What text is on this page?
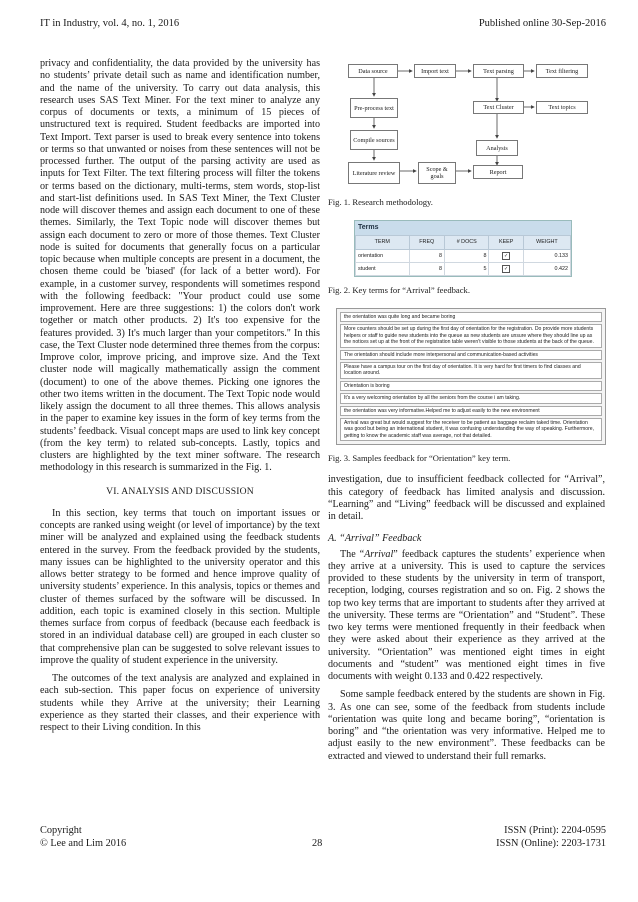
IT in Industry, vol. 4, no. 1, 2016	Published online 30-Sep-2016

privacy and confidentiality, the data provided by the university has no students’ private detail such as name and identification number, and the name of the university. To carry out data analysis, this research uses SAS Text Miner. For the text miner to analyze any corpus of documents or texts, a minimum of 15 pieces of unstructured text is required. Student feedbacks are imported into Text Import. Text parser is used to break every sentence into tokens or terms so that unwanted or noises from these sentences will not be processed further. The output of the parsing activity are used as inputs for Text Filter. The text filtering process will filter the tokens or terms based on the dictionary, multi-terms, stem words, stop-list and start-list definitions used. In SAS Text Miner, the Text Cluster node will discover themes and assign each document to one of these themes. Similarly, the Text Topic node will discover themes but assign each document to zero or more of those themes. Text Cluster node is suited for documents that generally focus on a particular topic because when multiple concepts are present in a document, the chosen theme could be 'biased' (for lack of a better word). For example, in a customer survey, respondents will sometimes respond with the following feedback: "Your product could use some improvement. Here are three suggestions: 1) the colors don't work together or match other products. 2) It's too expensive for the features provided. 3) It's much larger than your competitors." In this case, the Text Cluster node determined three themes from the corpus: Improve color, improve pricing, and improve size. And the Text cluster node will magically mathematically assign the comment (document) to one of the above themes. Picking one ignores the other two items written in the document. The Text Topic node would likely assign the document to all three themes. This allows analysis in the paper to examine key issues in the form of key terms from the students’ feedback. Visual concept maps are used to link key concept (from the key term) to related sub-concepts. Lastly, topics and clusters are highlighted by the text miner software. The research methodology in this research is summarized in the Fig. 1.

VI. ANALYSIS AND DISCUSSION

In this section, key terms that touch on important issues or concepts are ranked using weight (or level of importance) by the text miner will be analyzed and explained using the feedback students entered in the survey. From the feedback provided by the students, many issues can be highlighted to the university operator and this allows better strategy to be formed and hence improve quality of university students’ experience. In this analysis, topics or themes and cluster of themes surfaced by the software will be discussed. In addition, each topic is examined closely in this section. Multiple themes surface from corpus of feedback (because each feedback is stored in an individual database cell) are grouped in each cluster so that comprehensive plan can be suggested to solve relevant issues to improve the quality of student experience in the university.

The outcomes of the text analysis are analyzed and explained in each sub-section. This paper focus on experience of university students while they Arrive at the university; their Learning experience as they started their classes, and their experience with respect to their Living condition. In this

Data source	Import text	Text parsing	Text filtering
Pre-process text	Text Cluster	Text topics
Compile sources
Analysis
Literature review	Scope & goals
Report
Fig. 1. Research methodology.
Terms
TERM	FREQ	# DOCS	KEEP	WEIGHT
orientation	8	8	✓	0.133
student	8	5	✓	0.422
Fig. 2. Key terms for “Arrival” feedback.
the orientation was quite long and became boring
More counters should be set up during the first day of orientation for the registration. Do provide more students helpers or staff to guide new students into the queue as new students are unsure where they should line up as the notices set up at the front of the registration table weren't visible to those students at the back of the queue.
The orientation should include more interpersonal and communication-based activities
Please have a campus tour on the first day of orientation. It is very hard for first timers to find classes and location around.
Orientation is boring
It's a very welcoming orientation by all the seniors from the course i am taking.
the orientation was very informative.Helped me to adjust easily to the new environment
Arrival was great but would suggest for the receiver to be patient as baggage reclaim taked time. Orientation was good but being an international student, it was confusing understanding the way of speaking. Furthermore, getting to know the academic staff was average, not that detailed.
Fig. 3. Samples feedback for “Orientation” key term.

investigation, due to insufficient feedback collected for “Arrival”, this category of feedback has limited analysis and discussion. “Learning” and “Living” feedback will be discussed and explained in detail.

A. “Arrival” Feedback

The “Arrival” feedback captures the students’ experience when they arrive at a university. This is used to capture the services provided to these students by the university in term of transport, reception, lodging, courses registration and so on. Fig. 2 shows the top two key terms that are important to students after they arrived at the university. These terms are “Orientation” and “Student”. These two key terms were mentioned frequently in their feedback when they were asked about their experience as they arrived at the university. “Orientation” was mentioned eight times in eight documents and “student” was mentioned eight times in five documents with weight 0.133 and 0.422 respectively.

Some sample feedback entered by the students are shown in Fig. 3. As one can see, some of the feedback from students include “orientation was quite long and became boring”, “orientation is boring” and “the orientation was very informative. Helped me to adjust easily to the new environment”. These feedbacks can be extracted and viewed to understand their full remarks.

Copyright
© Lee and Lim 2016	28
ISSN (Print): 2204-0595
ISSN (Online): 2203-1731
